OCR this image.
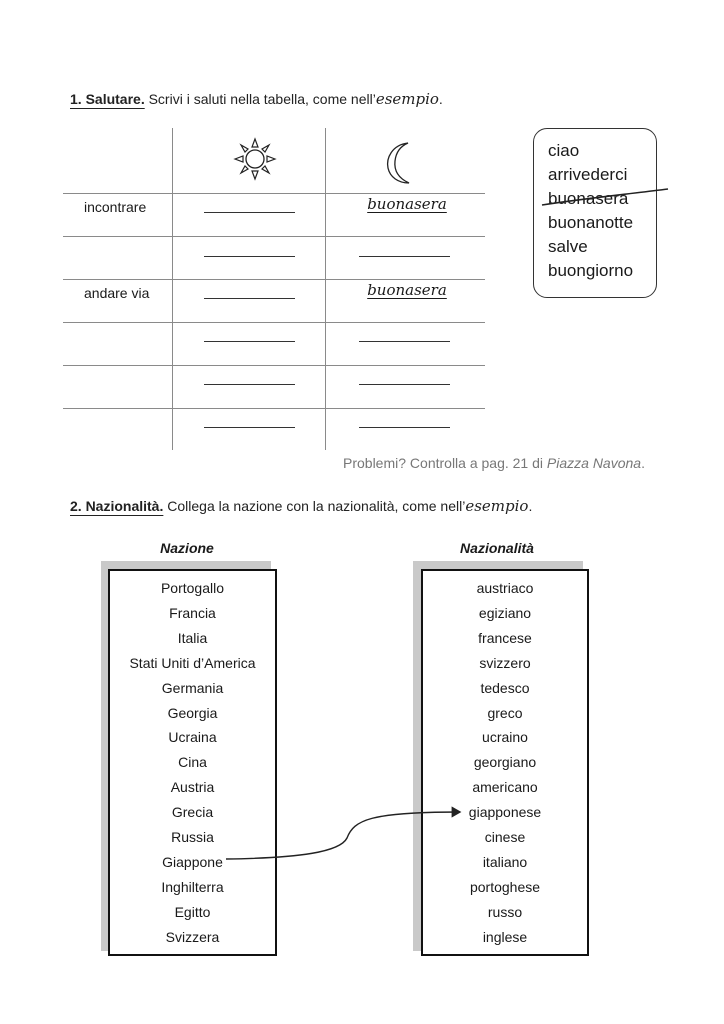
1. Salutare. Scrivi i saluti nella tabella, come nell’esempio.
incontrare
andare via
buonasera
buonasera
ciao
arrivederci
buonasera
buonanotte
salve
buongiorno
Problemi? Controlla a pag. 21 di Piazza Navona.
2. Nazionalità. Collega la nazione con la nazionalità, come nell’esempio.
Nazione	Nazionalità
Portogallo
Francia
Italia
Stati Uniti d’America
Germania
Georgia
Ucraina
Cina
Austria
Grecia
Russia
Giappone
Inghilterra
Egitto
Svizzera
austriaco
egiziano
francese
svizzero
tedesco
greco
ucraino
georgiano
americano
giapponese
cinese
italiano
portoghese
russo
inglese
